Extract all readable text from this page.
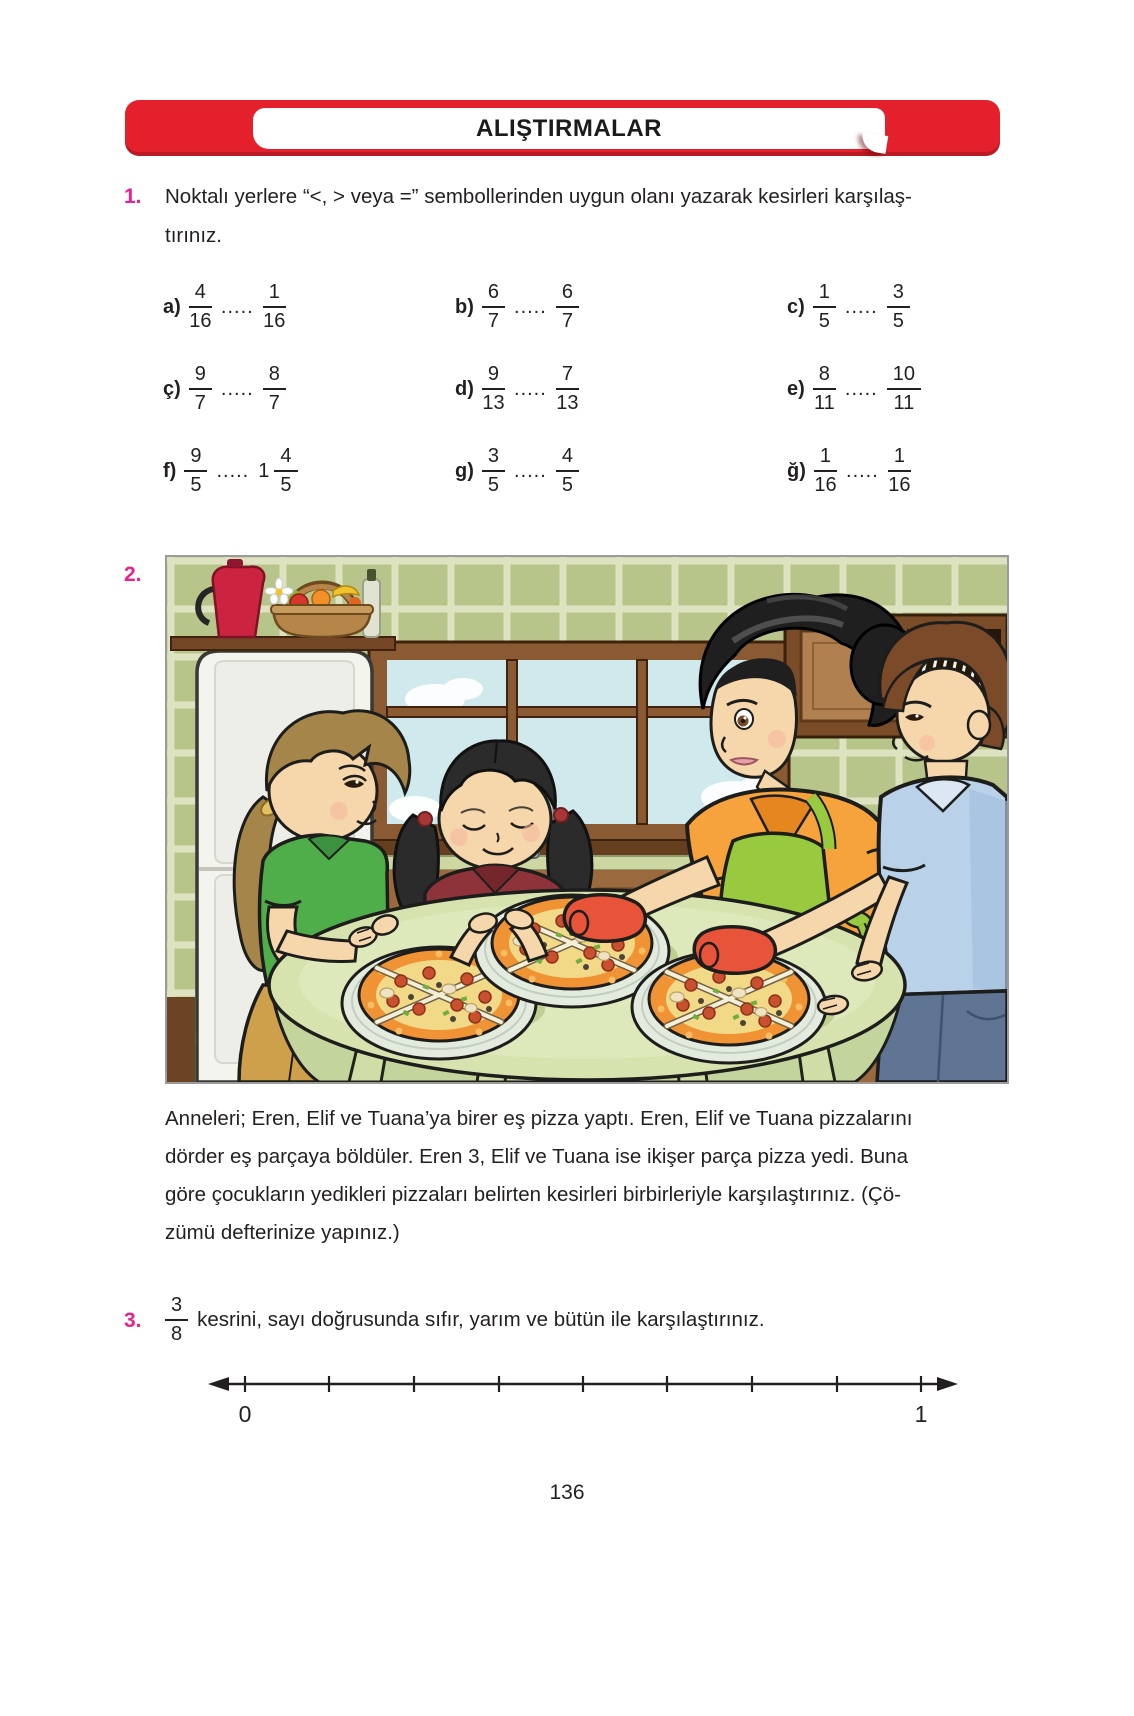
ALIŞTIRMALAR
1.	Noktalı yerlere “<, > veya =” sembollerinden uygun olanı yazarak kesirleri karşılaş-
tırınız.
$a) \frac{4}{16}$ ..... $\frac{1}{16}$	$b) \frac{6}{7}$ ..... $\frac{6}{7}$	$c) \frac{1}{5}$ ..... $\frac{3}{5}$
ç) $\frac{9}{7}$ ..... $\frac{8}{7}$	$d) \frac{9}{13}$ ..... $\frac{7}{13}$	$e) \frac{8}{11}$ ..... $\frac{10}{11}$
$f) \frac{9}{5}$ ..... $1 \frac{4}{5}$	$g) \frac{3}{5}$ ..... $\frac{4}{5}$	ğ) $\frac{1}{16}$ ..... $\frac{1}{16}$
2.
Anneleri; Eren, Elif ve Tuana’ya birer eş pizza yaptı. Eren, Elif ve Tuana pizzalarını
dörder eş parçaya böldüler. Eren 3, Elif ve Tuana ise ikişer parça pizza yedi. Buna
göre çocukların yedikleri pizzaları belirten kesirleri birbirleriyle karşılaştırınız. (Çö-
zümü defterinize yapınız.)
3.	$\frac{3}{8}$ kesrini, sayı doğrusunda sıfır, yarım ve bütün ile karşılaştırınız.
0	1
136
